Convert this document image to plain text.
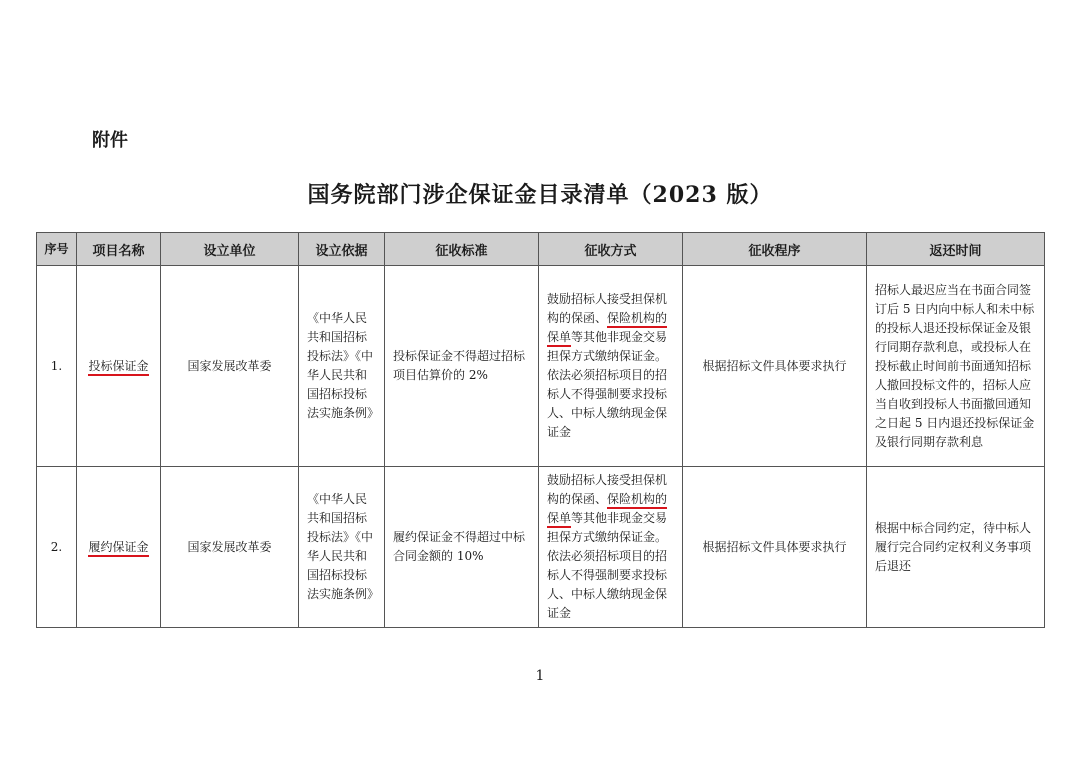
附件
国务院部门涉企保证金目录清单（2023 版）
序号	项目名称	设立单位	设立依据	征收标准	征收方式	征收程序	返还时间
1.	投标保证金	国家发展改革委	《中华人民共和国招标投标法》《中华人民共和国招标投标法实施条例》	投标保证金不得超过招标项目估算价的 2%	鼓励招标人接受担保机构的保函、保险机构的保单等其他非现金交易担保方式缴纳保证金。依法必须招标项目的招标人不得强制要求投标人、中标人缴纳现金保证金	根据招标文件具体要求执行	招标人最迟应当在书面合同签订后 5 日内向中标人和未中标的投标人退还投标保证金及银行同期存款利息，或投标人在投标截止时间前书面通知招标人撤回投标文件的，招标人应当自收到投标人书面撤回通知之日起 5 日内退还投标保证金及银行同期存款利息
2.	履约保证金	国家发展改革委	《中华人民共和国招标投标法》《中华人民共和国招标投标法实施条例》	履约保证金不得超过中标合同金额的 10%	鼓励招标人接受担保机构的保函、保险机构的保单等其他非现金交易担保方式缴纳保证金。依法必须招标项目的招标人不得强制要求投标人、中标人缴纳现金保证金	根据招标文件具体要求执行	根据中标合同约定，待中标人履行完合同约定权利义务事项后退还
1
